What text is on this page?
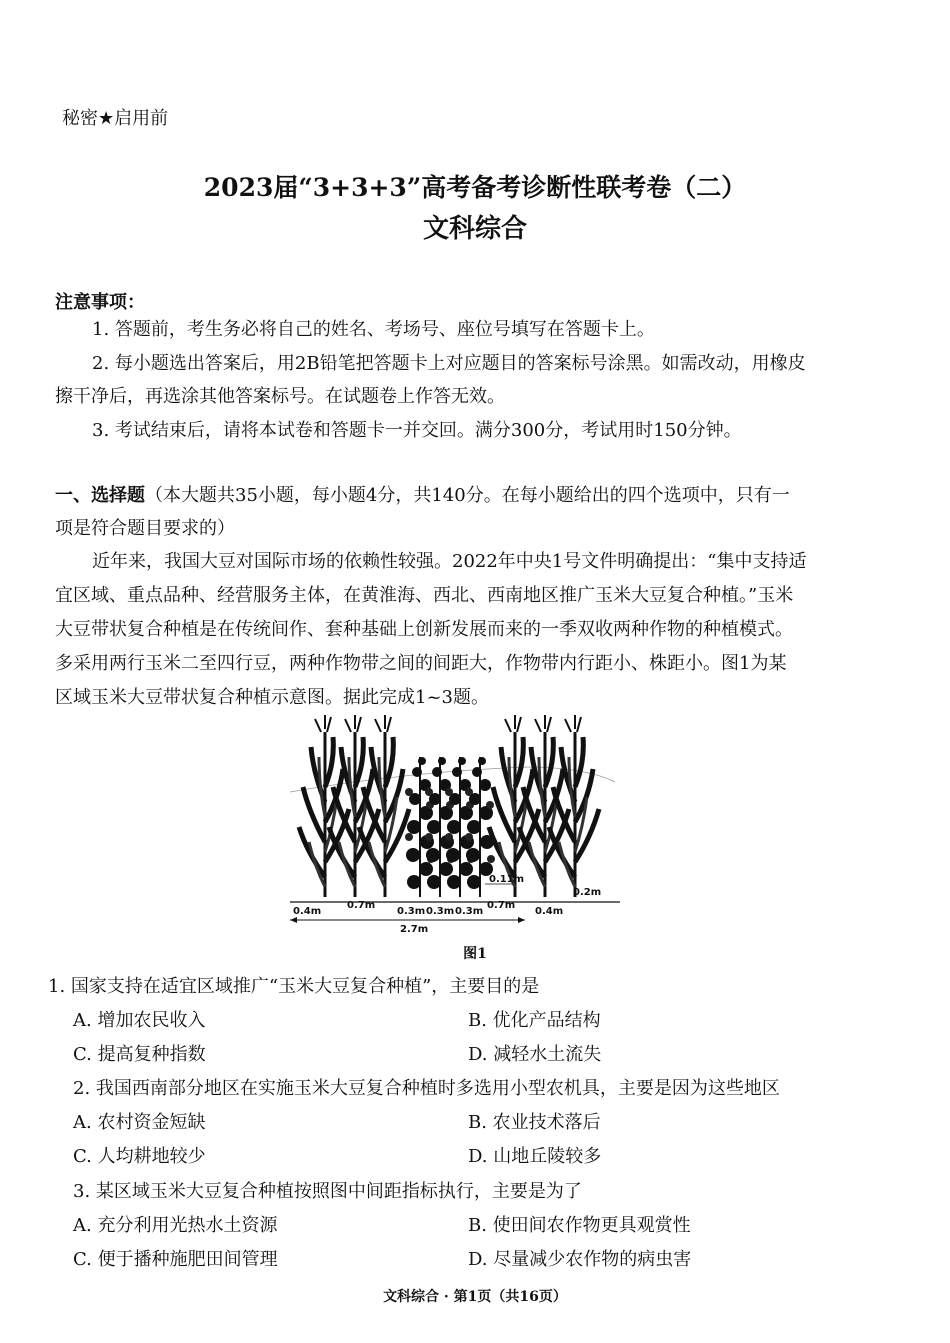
秘密★启用前
2023届“3+3+3”高考备考诊断性联考卷（二）
文科综合
注意事项：
1. 答题前，考生务必将自己的姓名、考场号、座位号填写在答题卡上。
2. 每小题选出答案后，用2B铅笔把答题卡上对应题目的答案标号涂黑。如需改动，用橡皮
擦干净后，再选涂其他答案标号。在试题卷上作答无效。
3. 考试结束后，请将本试卷和答题卡一并交回。满分300分，考试用时150分钟。
一、选择题（本大题共35小题，每小题4分，共140分。在每小题给出的四个选项中，只有一
项是符合题目要求的）
近年来，我国大豆对国际市场的依赖性较强。2022年中央1号文件明确提出：“集中支持适
宜区域、重点品种、经营服务主体，在黄淮海、西北、西南地区推广玉米大豆复合种植。”玉米
大豆带状复合种植是在传统间作、套种基础上创新发展而来的一季双收两种作物的种植模式。
多采用两行玉米二至四行豆，两种作物带之间的间距大，作物带内行距小、株距小。图1为某
区域玉米大豆带状复合种植示意图。据此完成1~3题。
0.4m
0.7m
0.3m 0.3m 0.3m
0.7m
0.4m
0.11m
0.2m
2.7m
图1
1. 国家支持在适宜区域推广“玉米大豆复合种植”，主要目的是
A. 增加农民收入	B. 优化产品结构
C. 提高复种指数	D. 减轻水土流失
2. 我国西南部分地区在实施玉米大豆复合种植时多选用小型农机具，主要是因为这些地区
A. 农村资金短缺	B. 农业技术落后
C. 人均耕地较少	D. 山地丘陵较多
3. 某区域玉米大豆复合种植按照图中间距指标执行，主要是为了
A. 充分利用光热水土资源	B. 使田间农作物更具观赏性
C. 便于播种施肥田间管理	D. 尽量减少农作物的病虫害
文科综合 · 第1页（共16页）
